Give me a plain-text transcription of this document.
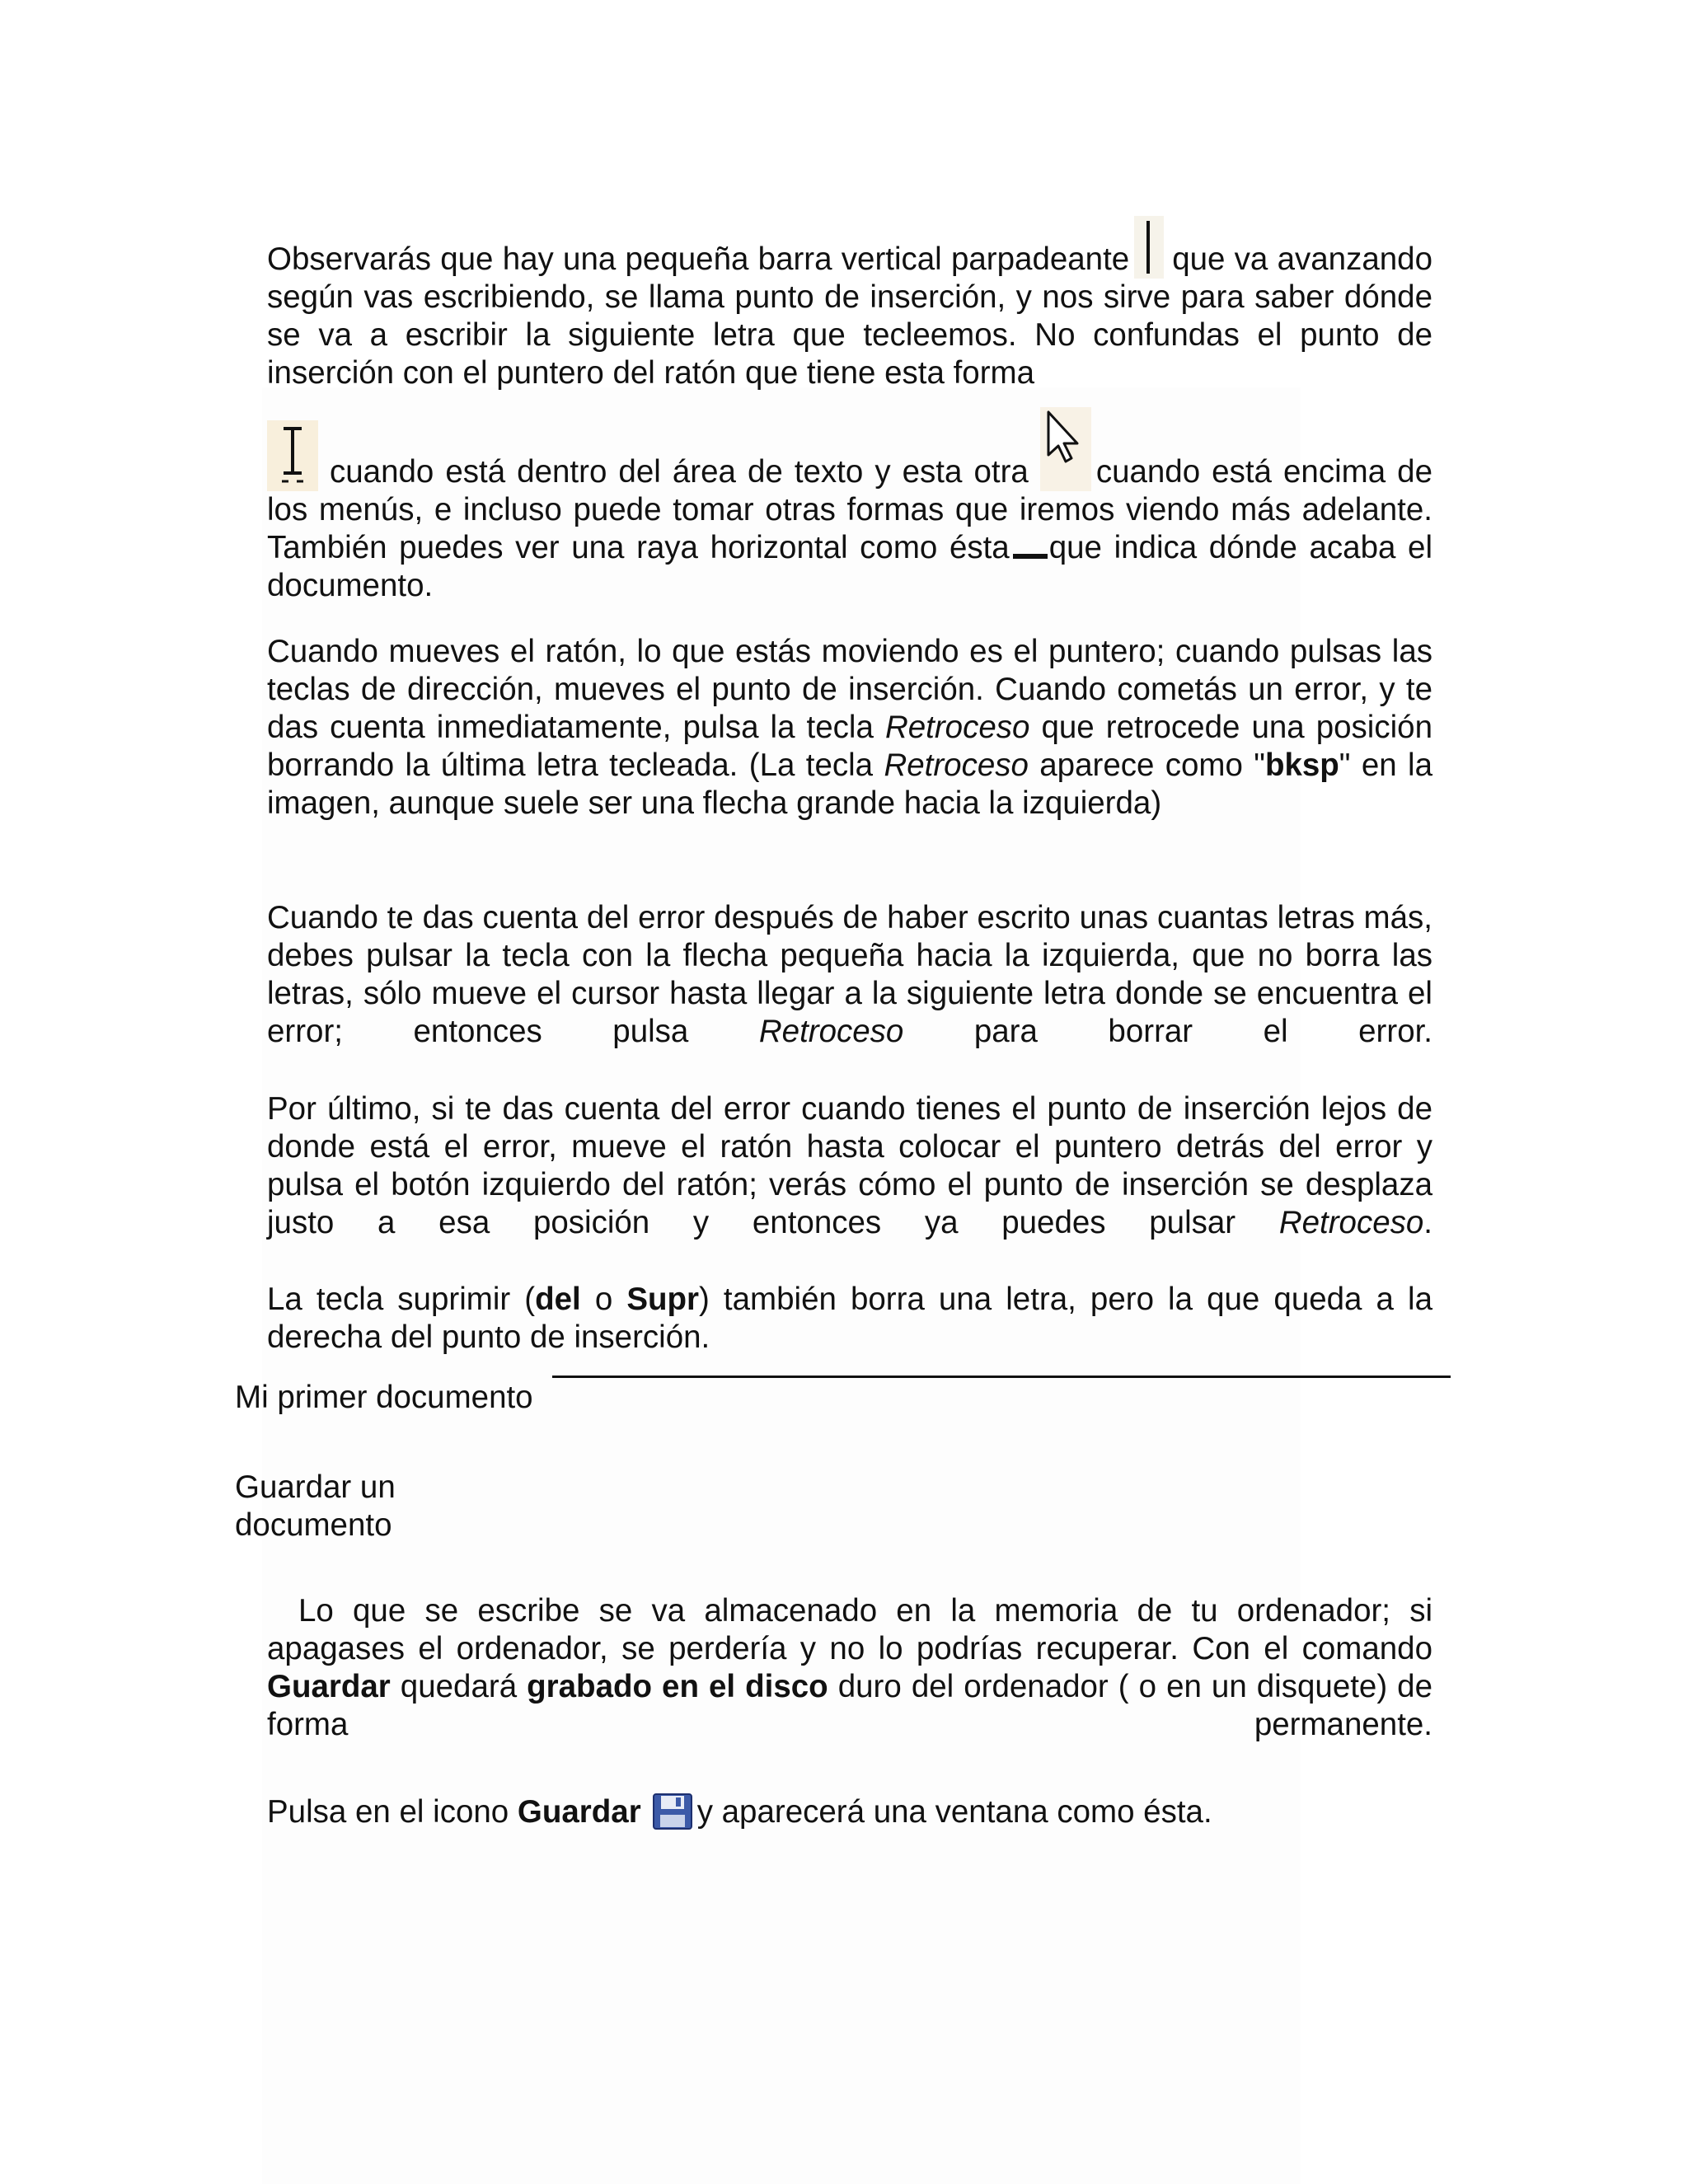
Observarás que hay una pequeña barra vertical parpadeante que va avanzando según vas escribiendo, se llama punto de inserción, y nos sirve para saber dónde se va a escribir la siguiente letra que tecleemos. No confundas el punto de inserción con el puntero del ratón que tiene esta forma

cuando está dentro del área de texto y esta otra cuando está encima de los menús, e incluso puede tomar otras formas que iremos viendo más adelante. También puedes ver una raya horizontal como ésta que indica dónde acaba el documento.

Cuando mueves el ratón, lo que estás moviendo es el puntero; cuando pulsas las teclas de dirección, mueves el punto de inserción. Cuando cometás un error, y te das cuenta inmediatamente, pulsa la tecla Retroceso que retrocede una posición borrando la última letra tecleada. (La tecla Retroceso aparece como "bksp" en la imagen, aunque suele ser una flecha grande hacia la izquierda)

Cuando te das cuenta del error después de haber escrito unas cuantas letras más, debes pulsar la tecla con la flecha pequeña hacia la izquierda, que no borra las letras, sólo mueve el cursor hasta llegar a la siguiente letra donde se encuentra el error; entonces pulsa Retroceso para borrar el error.

Por último, si te das cuenta del error cuando tienes el punto de inserción lejos de donde está el error, mueve el ratón hasta colocar el puntero detrás del error y pulsa el botón izquierdo del ratón; verás cómo el punto de inserción se desplaza justo a esa posición y entonces ya puedes pulsar Retroceso.

La tecla suprimir (del o Supr) también borra una letra, pero la que queda a la derecha del punto de inserción.

Mi primer documento

Guardar un

documento

Lo que se escribe se va almacenado en la memoria de tu ordenador; si apagases el ordenador, se perdería y no lo podrías recuperar. Con el comando Guardar quedará grabado en el disco duro del ordenador ( o en un disquete) de forma permanente.

Pulsa en el icono Guardar y aparecerá una ventana como ésta.
